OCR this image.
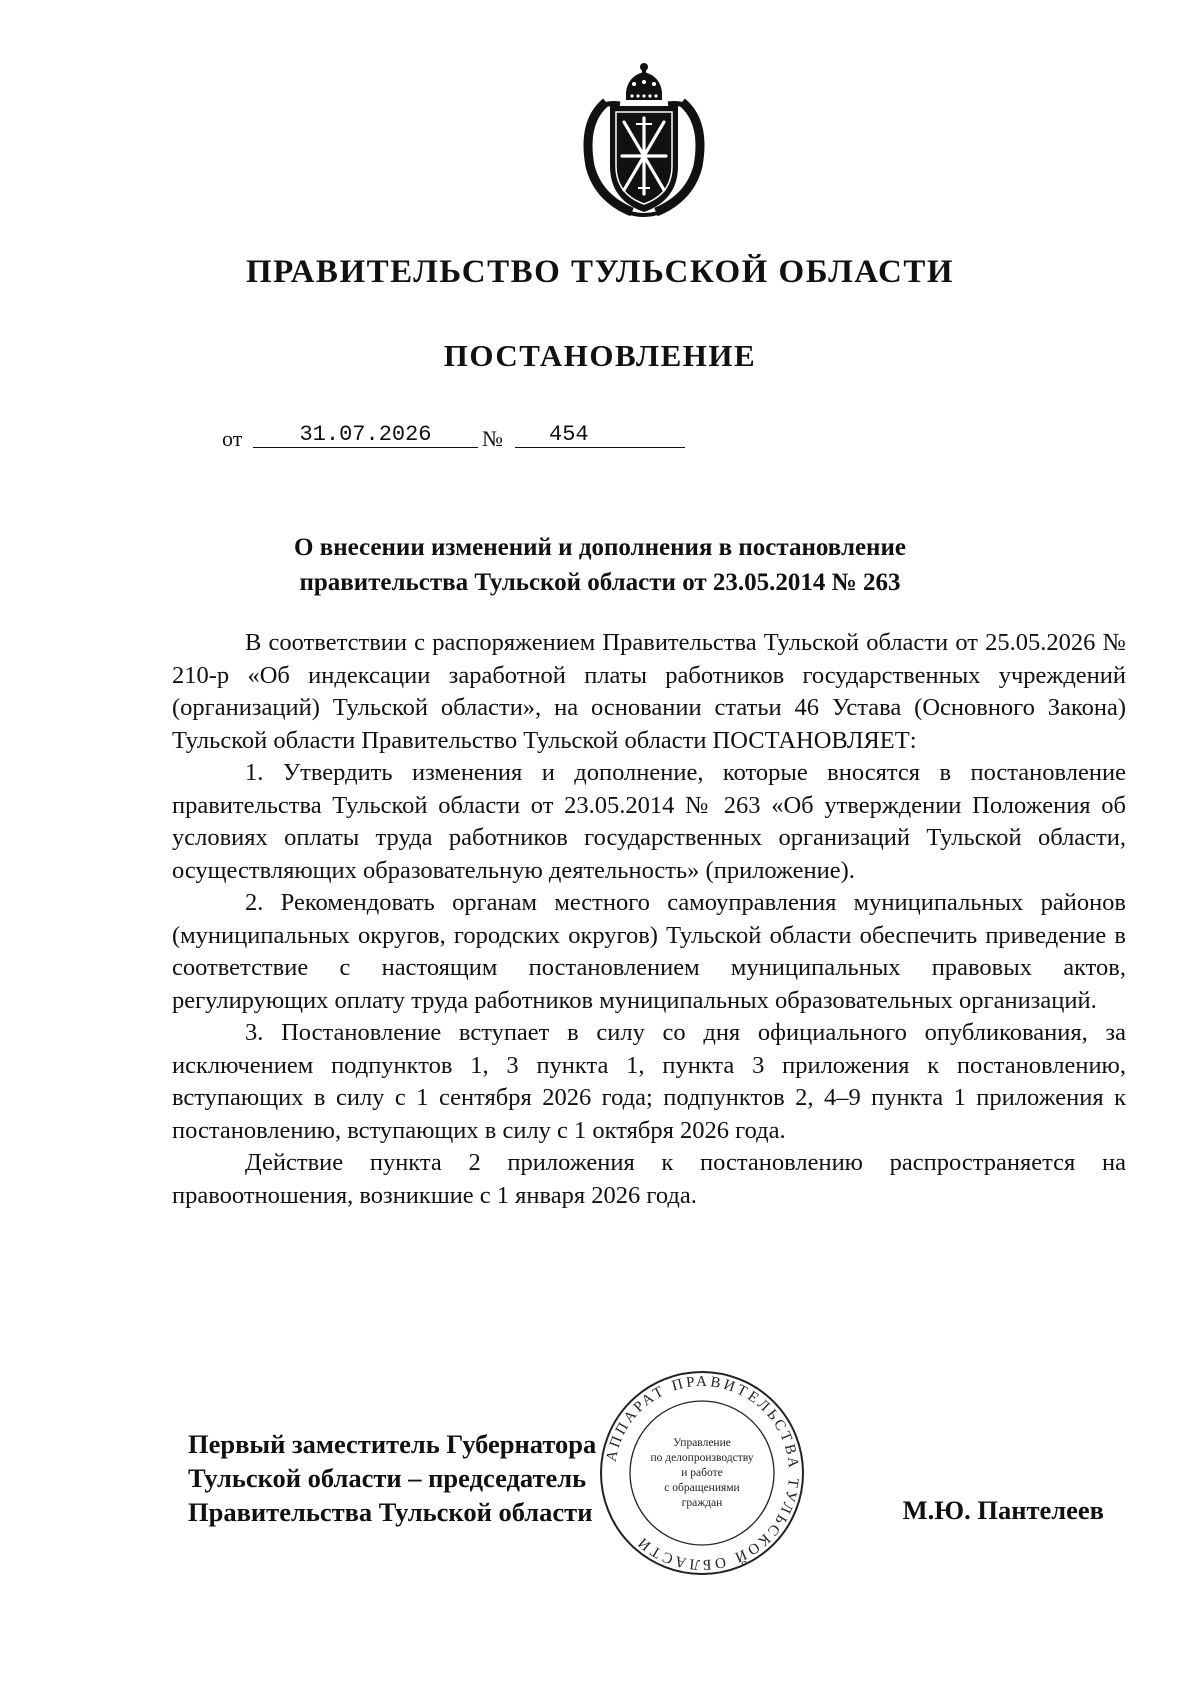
ПРАВИТЕЛЬСТВО ТУЛЬСКОЙ ОБЛАСТИ
ПОСТАНОВЛЕНИЕ
от	31.07.2026	№	454
О внесении изменений и дополнения в постановление
правительства Тульской области от 23.05.2014 № 263

В соответствии с распоряжением Правительства Тульской области от 25.05.2026 № 210-р «Об индексации заработной платы работников государственных учреждений (организаций) Тульской области», на основании статьи 46 Устава (Основного Закона) Тульской области Правительство Тульской области ПОСТАНОВЛЯЕТ:

1. Утвердить изменения и дополнение, которые вносятся в постановление правительства Тульской области от 23.05.2014 № 263 «Об утверждении Положения об условиях оплаты труда работников государственных организаций Тульской области, осуществляющих образовательную деятельность» (приложение).

2. Рекомендовать органам местного самоуправления муниципальных районов (муниципальных округов, городских округов) Тульской области обеспечить приведение в соответствие с настоящим постановлением муниципальных правовых актов, регулирующих оплату труда работников муниципальных образовательных организаций.

3. Постановление вступает в силу со дня официального опубликования, за исключением подпунктов 1, 3 пункта 1, пункта 3 приложения к постановлению, вступающих в силу с 1 сентября 2026 года; подпунктов 2, 4–9 пункта 1 приложения к постановлению, вступающих в силу с 1 октября 2026 года.

Действие пункта 2 приложения к постановлению распространяется на правоотношения, возникшие с 1 января 2026 года.

Первый заместитель Губернатора
Тульской области – председатель
Правительства Тульской области	М.Ю. Пантелеев
АППАРАТ ПРАВИТЕЛЬСТВА ТУЛЬСКОЙ ОБЛАСТИ
Управление
по делопроизводству
и работе
с обращениями
граждан
